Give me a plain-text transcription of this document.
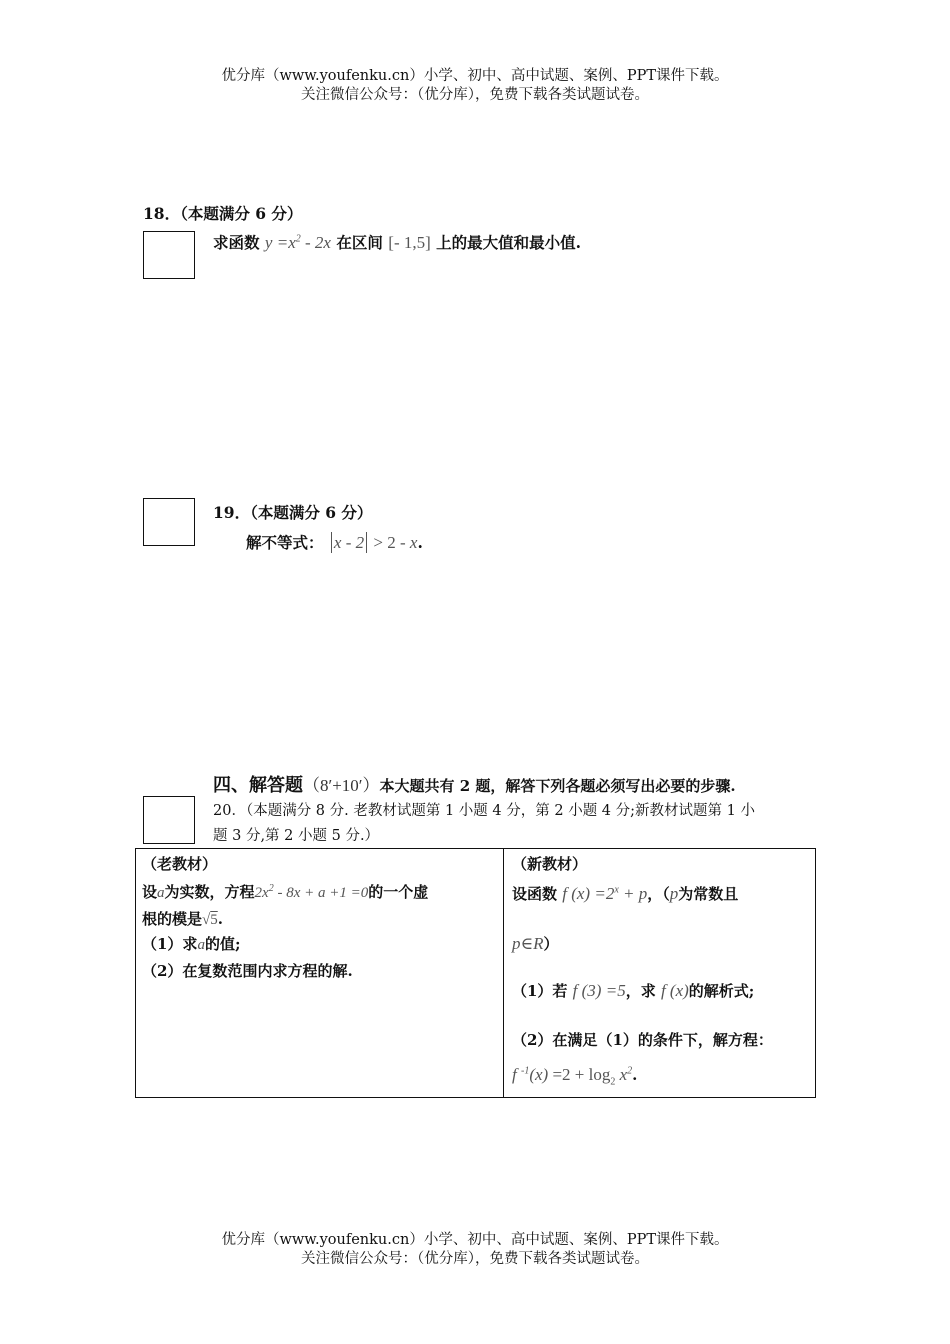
优分库（www.youfenku.cn）小学、初中、高中试题、案例、PPT课件下载。
关注微信公众号：（优分库），免费下载各类试题试卷。
18．（本题满分 6 分）
求函数 $y =x^2 - 2x$ 在区间 [- 1,5] 上的最大值和最小值.
19．（本题满分 6 分）
解不等式： x - 2 > 2 - x.
四、解答题（8′+10′）本大题共有 2 题，解答下列各题必须写出必要的步骤.
20．（本题满分 8 分. 老教材试题第 1 小题 4 分，第 2 小题 4 分;新教材试题第 1 小
题 3 分,第 2 小题 5 分.）
（老教材）
设a为实数，方程$2x^2 - 8x + a +1 =0$的一个虚
根的模是√5.
（1）求a的值;
（2）在复数范围内求方程的解.
（新教材）
设函数 f $(x) =2^x + p$，（p为常数且
p∈R）
（1）若 f (3) =5，求 f (x)的解析式;
（2）在满足（1）的条件下，解方程：
f $^{-1}(x) =2 + \log_2 x^2$.
优分库（www.youfenku.cn）小学、初中、高中试题、案例、PPT课件下载。
关注微信公众号：（优分库），免费下载各类试题试卷。
